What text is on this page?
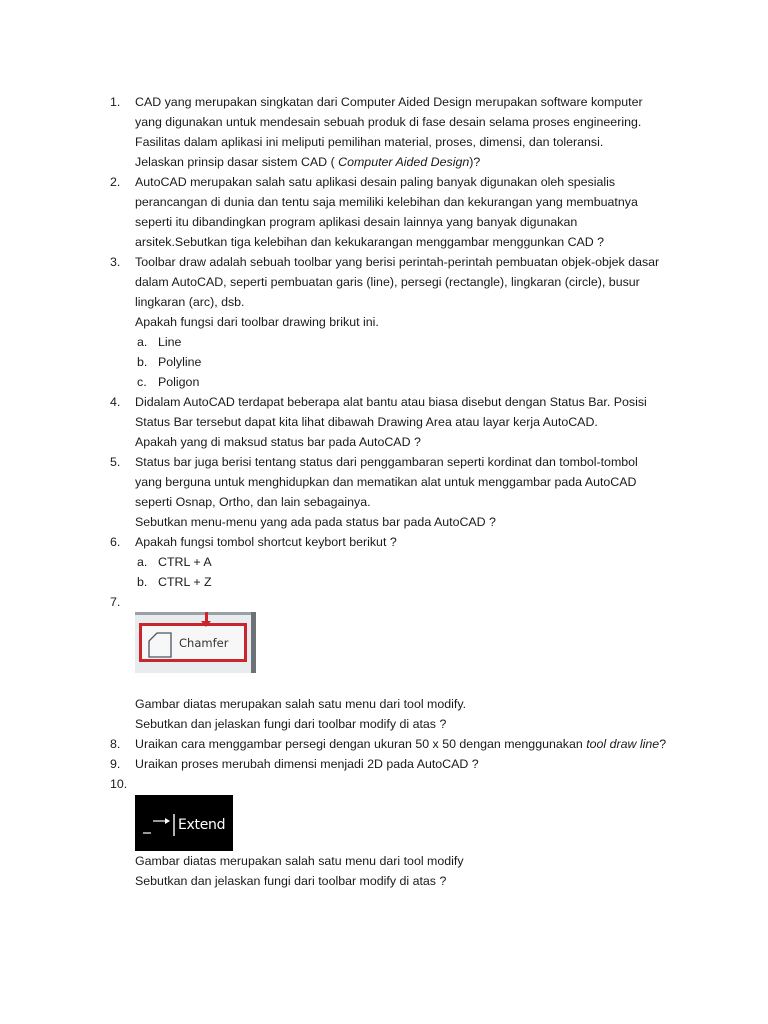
1. CAD yang merupakan singkatan dari Computer Aided Design merupakan software komputer
yang digunakan untuk mendesain sebuah produk di fase desain selama proses engineering.
Fasilitas dalam aplikasi ini meliputi pemilihan material, proses, dimensi, dan toleransi.
Jelaskan prinsip dasar sistem CAD ( Computer Aided Design)?
2. AutoCAD merupakan salah satu aplikasi desain paling banyak digunakan oleh spesialis
perancangan di dunia dan tentu saja memiliki kelebihan dan kekurangan yang membuatnya
seperti itu dibandingkan program aplikasi desain lainnya yang banyak digunakan
arsitek.Sebutkan tiga kelebihan dan kekukarangan menggambar menggunkan CAD ?
3. Toolbar draw adalah sebuah toolbar yang berisi perintah-perintah pembuatan objek-objek dasar
dalam AutoCAD, seperti pembuatan garis (line), persegi (rectangle), lingkaran (circle), busur
lingkaran (arc), dsb.
Apakah fungsi dari toolbar drawing brikut ini.
a. Line
b. Polyline
c. Poligon
4. Didalam AutoCAD terdapat beberapa alat bantu atau biasa disebut dengan Status Bar. Posisi
Status Bar tersebut dapat kita lihat dibawah Drawing Area atau layar kerja AutoCAD.
Apakah yang di maksud status bar pada AutoCAD ?
5. Status bar juga berisi tentang status dari penggambaran seperti kordinat dan tombol-tombol
yang berguna untuk menghidupkan dan mematikan alat untuk menggambar pada AutoCAD
seperti Osnap, Ortho, dan lain sebagainya.
Sebutkan menu-menu yang ada pada status bar pada AutoCAD ?
6. Apakah fungsi tombol shortcut keybort berikut ?
a. CTRL + A
b. CTRL + Z
7.
Chamfer
Gambar diatas merupakan salah satu menu dari tool modify.
Sebutkan dan jelaskan fungi dari toolbar modify di atas ?
8. Uraikan cara menggambar persegi dengan ukuran 50 x 50 dengan menggunakan tool draw line?
9. Uraikan proses merubah dimensi menjadi 2D pada AutoCAD ?
10.
Extend
Gambar diatas merupakan salah satu menu dari tool modify
Sebutkan dan jelaskan fungi dari toolbar modify di atas ?
